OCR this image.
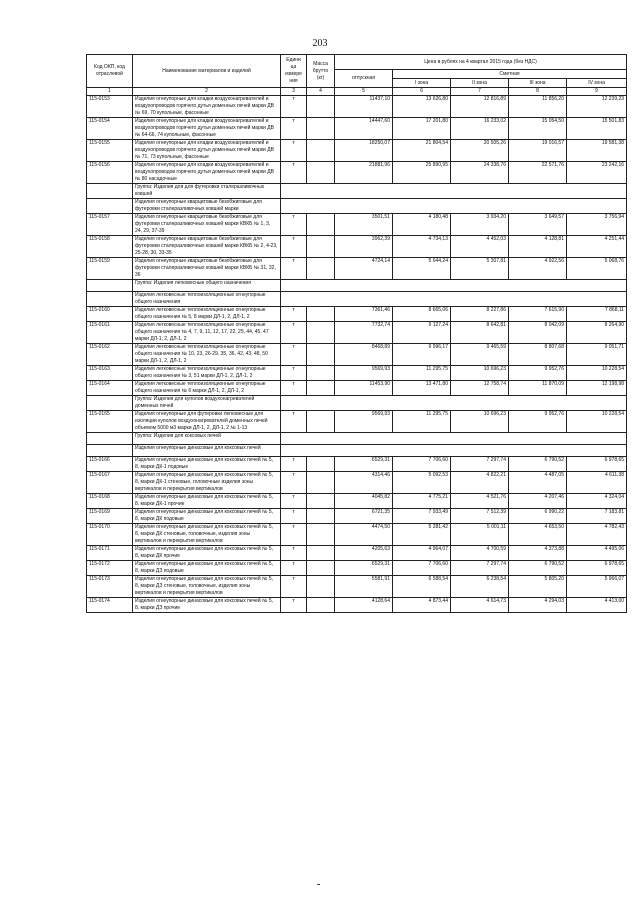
203
Код ОКП, код отраслевой	Наименование материалов и изделий	Едини ца измере ния	Масса брутто (кг)	Цена в рублях на 4 квартал 2015 года (без НДС)				
				отпускная	Сметная			
					I зона	II зона	III зона	IV зона
1	2	3	4	5	6	7	8	9
115-0153	Изделия огнеупорные для кладки воздухонагревателей и воздухопроводов горячего дутья доменных печей марки ДВ № 69, 70 купольные, фасонные	т		11437,10	13 626,80	12 816,89	11 856,20	12 239,23
115-0154	Изделия огнеупорные для кладки воздухонагревателей и воздухопроводов горячего дутья доменных печей марки ДВ № 64-66, 74 купольные, фасонные	т		14447,60	17 201,80	16 233,02	15 054,50	15 501,83
115-0155	Изделия огнеупорные для кладки воздухонагревателей и воздухопроводов горячего дутья доменных печей марки ДВ № 71, 73 купольные, фасонные	т		18250,07	21 804,54	20 505,26	19 016,57	19 581,38
115-0156	Изделия огнеупорные для кладки воздухонагревателей и воздухопроводов горячего дутья доменных печей марки ДВ № 80 насадочные	т		21881,96	25 890,95	24 338,76	22 571,76	23 242,16
	Группа: Изделия для для футеровки сталеразливочных ковшей							
	Изделия огнеупорные кварцитовые безобжиговые для футеровки сталеразливочных ковшей марки							
115-0157	Изделия огнеупорные кварцитовые безобжиговые для футеровки сталеразливочных ковшей марки КВКБ № 1, 3, 24, 29, 37-39	т		3501,51	4 180,48	3 934,20	3 649,57	3 756,94
115-0158	Изделия огнеупорные кварцитовые безобжиговые для футеровки сталеразливочных ковшей марки КВКБ № 2, 4-23, 25-28, 30, 33-35	т		3962,39	4 734,13	4 452,03	4 128,81	4 251,44
115-0159	Изделия огнеупорные кварцитовые безобжиговые для футеровки сталеразливочных ковшей марки КВКБ № 31, 32, 36	т		4724,14	5 644,24	5 307,81	4 922,56	5 068,76
	Группа: Изделия легковесные общего назначения							
	Изделия легковесные теплоизоляционные огнеупорные общего назначения							
115-0160	Изделия легковесные теплоизоляционные огнеупорные общего назначения № 5, 8 марки ДЛ-1, 2, ДЛ-1, 2	т		7361,46	8 665,06	8 227,86	7 615,90	7 868,11
115-0161	Изделия легковесные теплоизоляционные огнеупорные общего назначения № 4, 7, 9, 11, 12, 17, 22, 25, 44, 45, 47 марки ДЛ-1, 2, ДЛ-1, 2	т		7732,74	9 127,24	8 642,81	8 042,09	8 264,90
115-0162	Изделия легковесные теплоизоляционные огнеупорные общего назначения № 10, 23, 26-29, 35, 36, 42, 43, 48, 50 марки ДЛ-1, 2, ДЛ-1, 2	т		8468,89	9 996,17	9 465,59	8 807,68	9 051,71
115-0163	Изделия легковесные теплоизоляционные огнеупорные общего назначения № 3, 51 марки ДЛ-1, 2, ДЛ-1, 2	т		9569,93	11 295,75	10 696,23	9 952,76	10 228,54
115-0164	Изделия легковесные теплоизоляционные огнеупорные общего назначения № 6 марки ДЛ-1, 2, ДЛ-1, 2	т		11453,90	13 471,80	12 758,74	11 870,09	12 198,98
	Группа: Изделия для куполов воздухонагревателей доменных печей							
115-0165	Изделия огнеупорные для футеровки легковесные для изоляции куполов воздухонагревателей доменных печей объемом 5000 м3 марки ДЛ-1, 2, ДЛ-1, 2 № 1-13	т		9569,93	11 295,75	10 696,23	9 952,76	10 228,54
	Группа: Изделия для коксовых печей							
	Изделия огнеупорные динасовые для коксовых печей							
115-0166	Изделия огнеупорные динасовые для коксовых печей № 5, 8, марки ДК-1 подовые	т		6529,31	7 706,60	7 297,74	6 790,52	6 978,65
115-0167	Изделия огнеупорные динасовые для коксовых печей № 5, 8, марки ДК-1 стеновые, головочные изделия зоны вертикалов и перекрытия вертикалов	т		4314,46	5 092,53	4 822,21	4 487,05	4 611,38
115-0168	Изделия огнеупорные динасовые для коксовых печей № 5, 8, марки ДК-1 прочие	т		4045,82	4 775,21	4 521,76	4 207,46	4 324,04
115-0169	Изделия огнеупорные динасовые для коксовых печей № 5, 8, марки ДК подовые	т		6721,35	7 933,49	7 512,39	6 990,22	7 183,81
115-0170	Изделия огнеупорные динасовые для коксовых печей № 5, 8, марки ДК стеновые, головочные, изделия зоны вертикалов и перекрытия вертикалов	т		4474,50	5 281,42	5 001,11	4 653,50	4 782,43
115-0171	Изделия огнеупорные динасовые для коксовых печей № 5, 8, марки ДК прочие	т		4205,63	4 964,07	4 700,59	4 373,88	4 495,06
115-0172	Изделия огнеупорные динасовые для коксовых печей № 5, 8, марки ДЗ подовые	т		6529,31	7 706,60	7 297,74	6 790,52	6 978,65
115-0173	Изделия огнеупорные динасовые для коксовых печей № 5, 8, марки ДЗ стеновые, головочные, изделия зоны вертикалов и перекрытия вертикалов	т		5581,91	6 588,54	6 238,54	5 805,20	5 966,07
115-0174	Изделия огнеупорные динасовые для коксовых печей № 5, 8, марки ДЗ прочие	т		4128,64	4 873,44	4 614,73	4 294,03	4 413,00
